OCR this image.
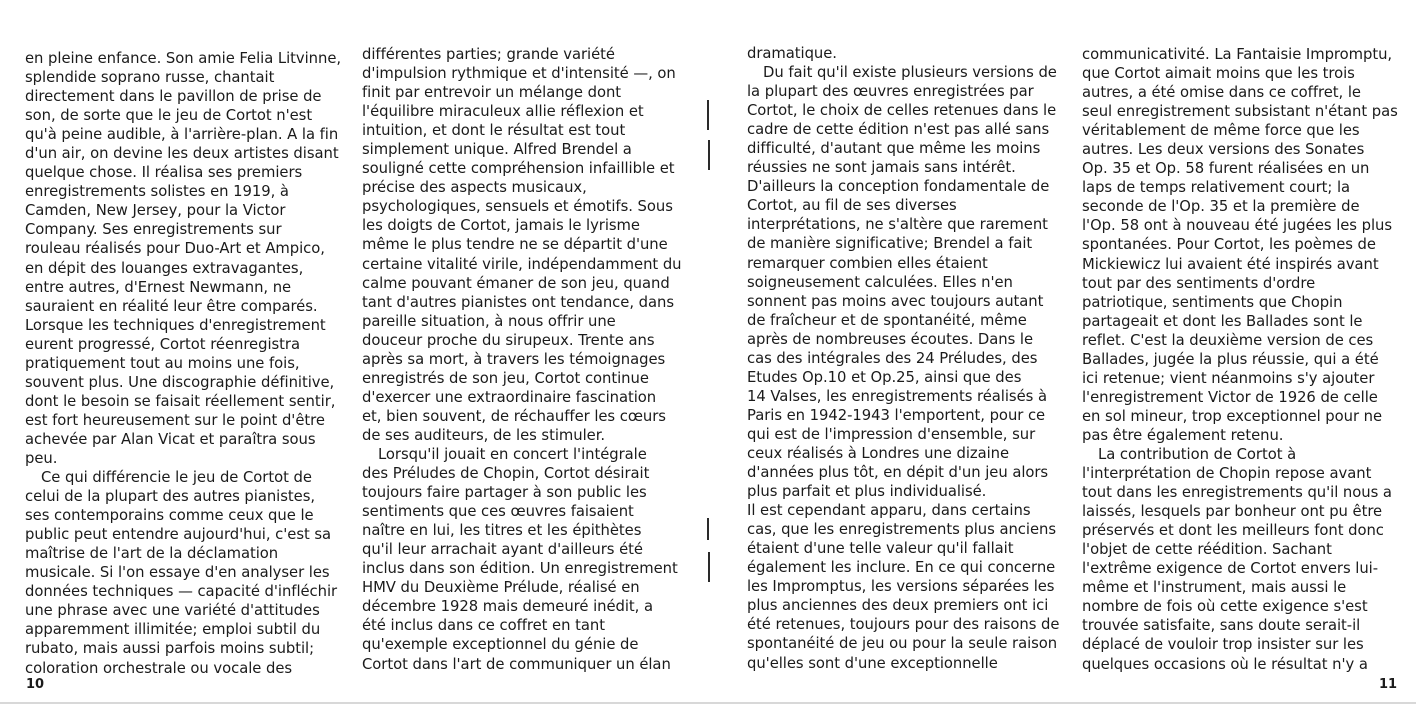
en pleine enfance. Son amie Felia Litvinne,
splendide soprano russe, chantait
directement dans le pavillon de prise de
son, de sorte que le jeu de Cortot n'est
qu'à peine audible, à l'arrière-plan. A la fin
d'un air, on devine les deux artistes disant
quelque chose. Il réalisa ses premiers
enregistrements solistes en 1919, à
Camden, New Jersey, pour la Victor
Company. Ses enregistrements sur
rouleau réalisés pour Duo-Art et Ampico,
en dépit des louanges extravagantes,
entre autres, d'Ernest Newmann, ne
sauraient en réalité leur être comparés.
Lorsque les techniques d'enregistrement
eurent progressé, Cortot réenregistra
pratiquement tout au moins une fois,
souvent plus. Une discographie définitive,
dont le besoin se faisait réellement sentir,
est fort heureusement sur le point d'être
achevée par Alan Vicat et paraîtra sous
peu.
Ce qui différencie le jeu de Cortot de
celui de la plupart des autres pianistes,
ses contemporains comme ceux que le
public peut entendre aujourd'hui, c'est sa
maîtrise de l'art de la déclamation
musicale. Si l'on essaye d'en analyser les
données techniques — capacité d'infléchir
une phrase avec une variété d'attitudes
apparemment illimitée; emploi subtil du
rubato, mais aussi parfois moins subtil;
coloration orchestrale ou vocale des
différentes parties; grande variété
d'impulsion rythmique et d'intensité —, on
finit par entrevoir un mélange dont
l'équilibre miraculeux allie réflexion et
intuition, et dont le résultat est tout
simplement unique. Alfred Brendel a
souligné cette compréhension infaillible et
précise des aspects musicaux,
psychologiques, sensuels et émotifs. Sous
les doigts de Cortot, jamais le lyrisme
même le plus tendre ne se départit d'une
certaine vitalité virile, indépendamment du
calme pouvant émaner de son jeu, quand
tant d'autres pianistes ont tendance, dans
pareille situation, à nous offrir une
douceur proche du sirupeux. Trente ans
après sa mort, à travers les témoignages
enregistrés de son jeu, Cortot continue
d'exercer une extraordinaire fascination
et, bien souvent, de réchauffer les cœurs
de ses auditeurs, de les stimuler.
Lorsqu'il jouait en concert l'intégrale
des Préludes de Chopin, Cortot désirait
toujours faire partager à son public les
sentiments que ces œuvres faisaient
naître en lui, les titres et les épithètes
qu'il leur arrachait ayant d'ailleurs été
inclus dans son édition. Un enregistrement
HMV du Deuxième Prélude, réalisé en
décembre 1928 mais demeuré inédit, a
été inclus dans ce coffret en tant
qu'exemple exceptionnel du génie de
Cortot dans l'art de communiquer un élan
dramatique.
Du fait qu'il existe plusieurs versions de
la plupart des œuvres enregistrées par
Cortot, le choix de celles retenues dans le
cadre de cette édition n'est pas allé sans
difficulté, d'autant que même les moins
réussies ne sont jamais sans intérêt.
D'ailleurs la conception fondamentale de
Cortot, au fil de ses diverses
interprétations, ne s'altère que rarement
de manière significative; Brendel a fait
remarquer combien elles étaient
soigneusement calculées. Elles n'en
sonnent pas moins avec toujours autant
de fraîcheur et de spontanéité, même
après de nombreuses écoutes. Dans le
cas des intégrales des 24 Préludes, des
Etudes Op.10 et Op.25, ainsi que des
14 Valses, les enregistrements réalisés à
Paris en 1942-1943 l'emportent, pour ce
qui est de l'impression d'ensemble, sur
ceux réalisés à Londres une dizaine
d'années plus tôt, en dépit d'un jeu alors
plus parfait et plus individualisé.
Il est cependant apparu, dans certains
cas, que les enregistrements plus anciens
étaient d'une telle valeur qu'il fallait
également les inclure. En ce qui concerne
les Impromptus, les versions séparées les
plus anciennes des deux premiers ont ici
été retenues, toujours pour des raisons de
spontanéité de jeu ou pour la seule raison
qu'elles sont d'une exceptionnelle
communicativité. La Fantaisie Impromptu,
que Cortot aimait moins que les trois
autres, a été omise dans ce coffret, le
seul enregistrement subsistant n'étant pas
véritablement de même force que les
autres. Les deux versions des Sonates
Op. 35 et Op. 58 furent réalisées en un
laps de temps relativement court; la
seconde de l'Op. 35 et la première de
l'Op. 58 ont à nouveau été jugées les plus
spontanées. Pour Cortot, les poèmes de
Mickiewicz lui avaient été inspirés avant
tout par des sentiments d'ordre
patriotique, sentiments que Chopin
partageait et dont les Ballades sont le
reflet. C'est la deuxième version de ces
Ballades, jugée la plus réussie, qui a été
ici retenue; vient néanmoins s'y ajouter
l'enregistrement Victor de 1926 de celle
en sol mineur, trop exceptionnel pour ne
pas être également retenu.
La contribution de Cortot à
l'interprétation de Chopin repose avant
tout dans les enregistrements qu'il nous a
laissés, lesquels par bonheur ont pu être
préservés et dont les meilleurs font donc
l'objet de cette réédition. Sachant
l'extrême exigence de Cortot envers lui-
même et l'instrument, mais aussi le
nombre de fois où cette exigence s'est
trouvée satisfaite, sans doute serait-il
déplacé de vouloir trop insister sur les
quelques occasions où le résultat n'y a
10	11
